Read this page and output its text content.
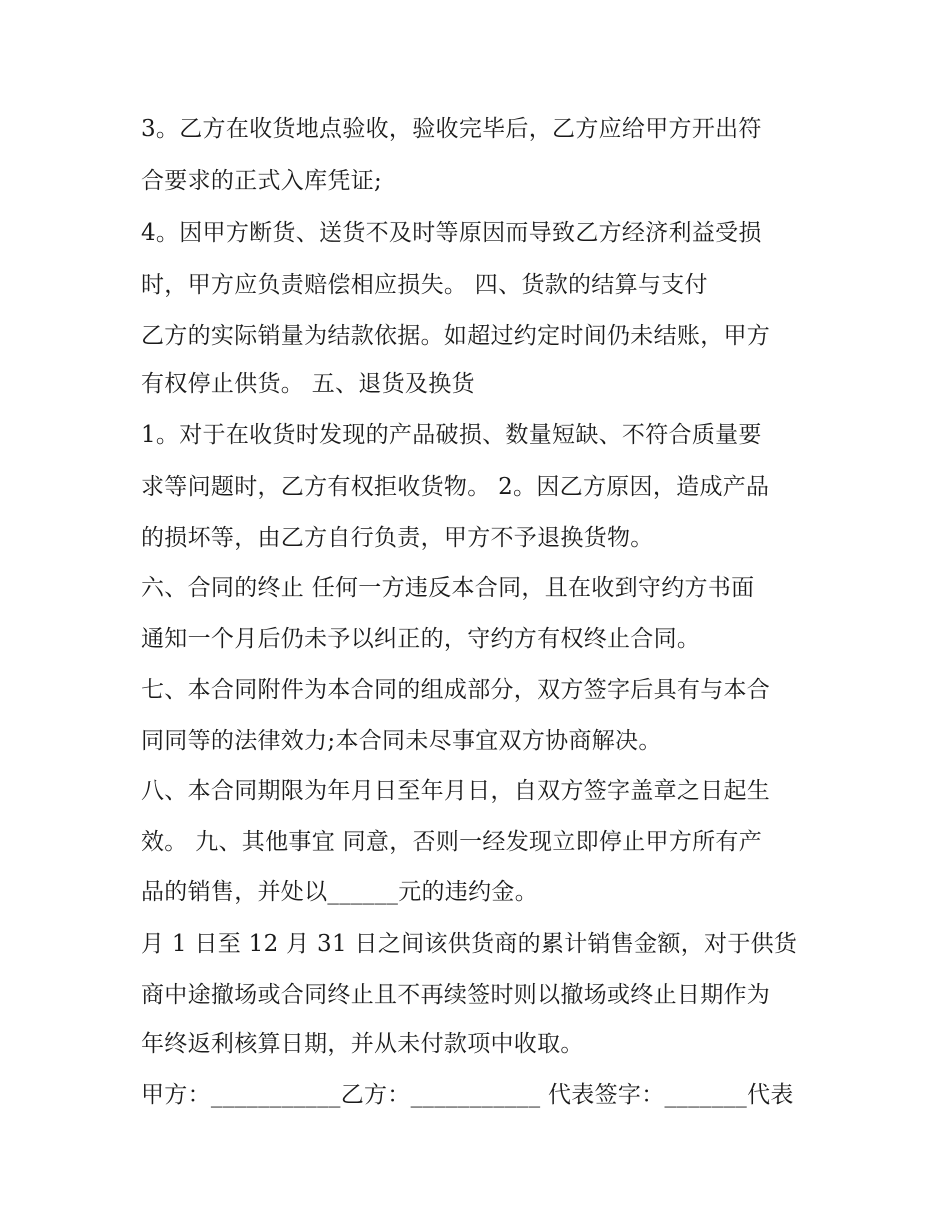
3。乙方在收货地点验收，验收完毕后，乙方应给甲方开出符
合要求的正式入库凭证;
4。因甲方断货、送货不及时等原因而导致乙方经济利益受损
时，甲方应负责赔偿相应损失。 四、货款的结算与支付
乙方的实际销量为结款依据。如超过约定时间仍未结账，甲方
有权停止供货。 五、退货及换货
1。对于在收货时发现的产品破损、数量短缺、不符合质量要
求等问题时，乙方有权拒收货物。 2。因乙方原因，造成产品
的损坏等，由乙方自行负责，甲方不予退换货物。
六、合同的终止 任何一方违反本合同，且在收到守约方书面
通知一个月后仍未予以纠正的，守约方有权终止合同。
七、本合同附件为本合同的组成部分，双方签字后具有与本合
同同等的法律效力;本合同未尽事宜双方协商解决。
八、本合同期限为年月日至年月日，自双方签字盖章之日起生
效。 九、其他事宜 同意，否则一经发现立即停止甲方所有产
品的销售，并处以______元的违约金。
月 1 日至 12 月 31 日之间该供货商的累计销售金额，对于供货
商中途撤场或合同终止且不再续签时则以撤场或终止日期作为
年终返利核算日期，并从未付款项中收取。
甲方：___________乙方：___________ 代表签字：_______代表
